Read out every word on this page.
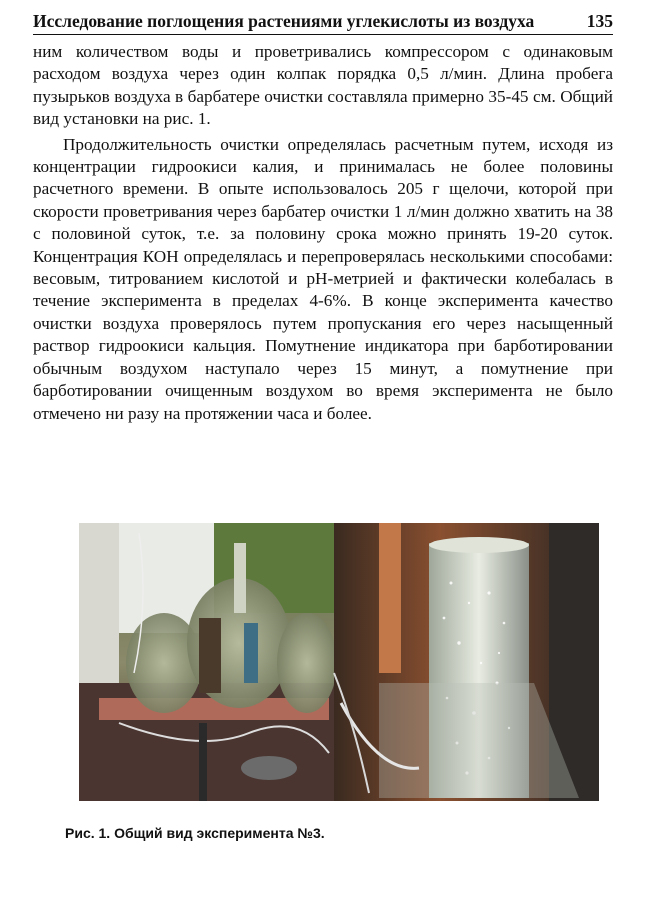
Исследование поглощения растениями углекислоты из воздуха	135

ним количеством воды и проветривались компрессором с одинаковым расходом воздуха через один колпак порядка 0,5 л/мин. Длина пробега пузырьков воздуха в барбатере очистки составляла примерно 35-45 см. Общий вид установки на рис. 1.

Продолжительность очистки определялась расчетным путем, исходя из концентрации гидроокиси калия, и принималась не более половины расчетного времени. В опыте использовалось 205 г щелочи, которой при скорости проветривания через барбатер очистки 1 л/мин должно хватить на 38 с половиной суток, т.е. за половину срока можно принять 19-20 суток. Концентрация КОН определялась и перепроверялась несколькими способами: весовым, титрованием кислотой и pH-метрией и фактически колебалась в течение эксперимента в пределах 4-6%. В конце эксперимента качество очистки воздуха проверялось путем пропускания его через насыщенный раствор гидроокиси кальция. Помутнение индикатора при барботировании обычным воздухом наступало через 15 минут, а помутнение при барботировании очищенным воздухом во время эксперимента не было отмечено ни разу на протяжении часа и более.

Рис. 1. Общий вид эксперимента №3.
